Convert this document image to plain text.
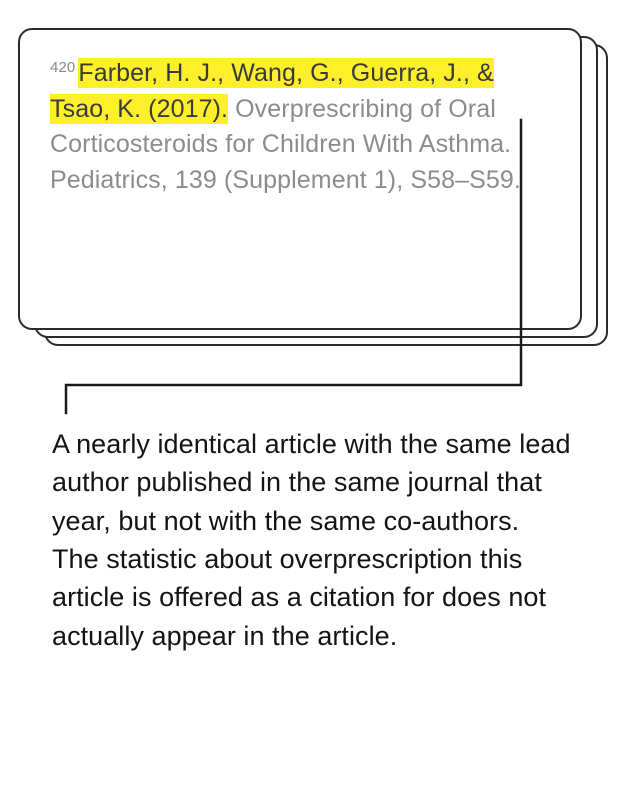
$^{420}$ Farber, H. J., Wang, G., Guerra, J., & Tsao, K. (2017). Overprescribing of Oral Corticosteroids for Children With Asthma. Pediatrics, 139 (Supplement 1), S58–S59.
A nearly identical article with the same lead author published in the same journal that year, but not with the same co-authors. The statistic about overprescription this article is offered as a citation for does not actually appear in the article.
